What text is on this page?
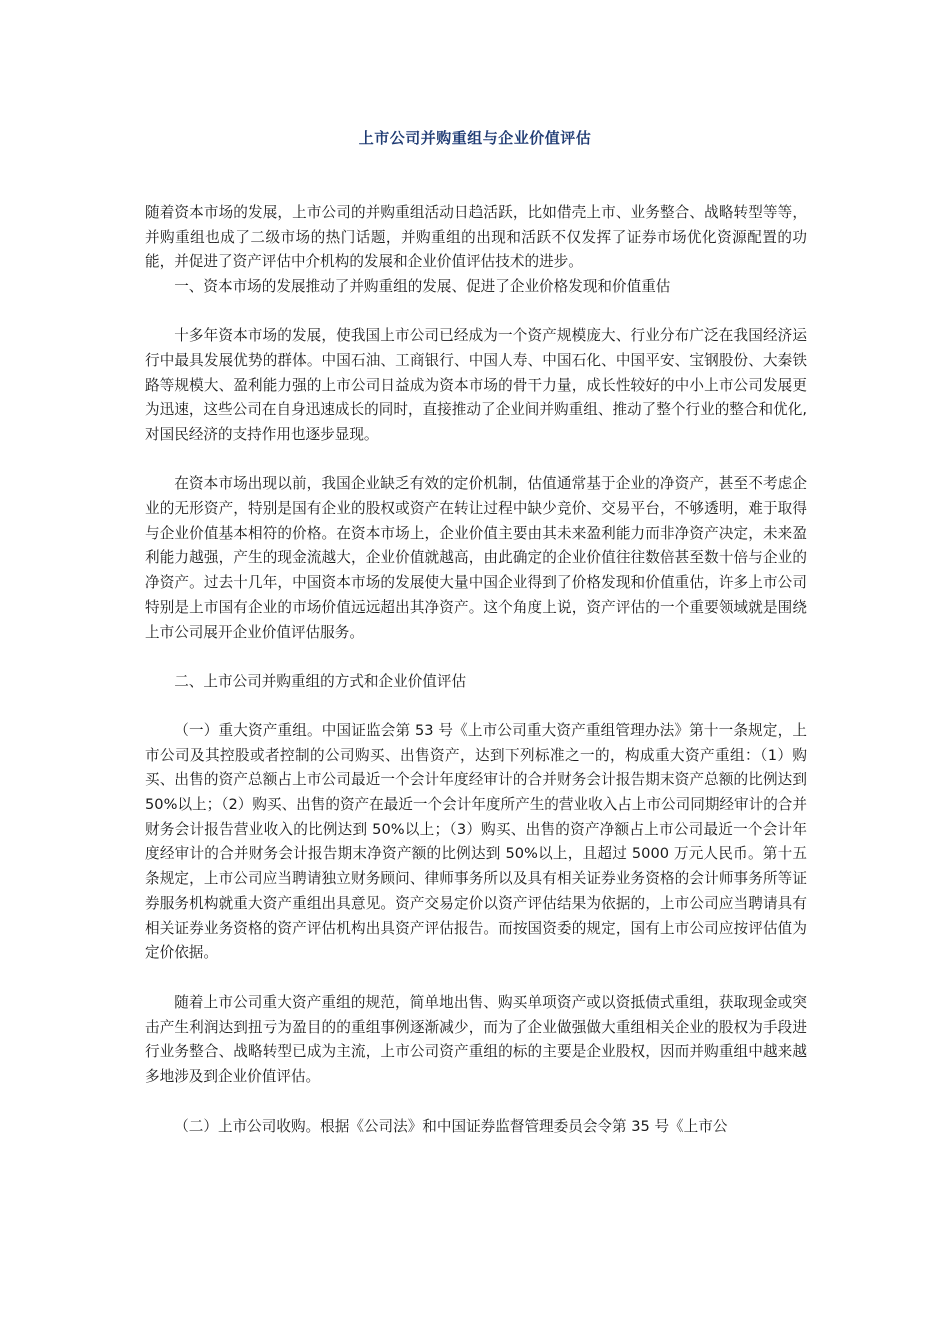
上市公司并购重组与企业价值评估

随着资本市场的发展，上市公司的并购重组活动日趋活跃，比如借壳上市、业务整合、战略转型等等，并购重组也成了二级市场的热门话题，并购重组的出现和活跃不仅发挥了证券市场优化资源配置的功能，并促进了资产评估中介机构的发展和企业价值评估技术的进步。

一、资本市场的发展推动了并购重组的发展、促进了企业价格发现和价值重估

十多年资本市场的发展，使我国上市公司已经成为一个资产规模庞大、行业分布广泛在我国经济运行中最具发展优势的群体。中国石油、工商银行、中国人寿、中国石化、中国平安、宝钢股份、大秦铁路等规模大、盈利能力强的上市公司日益成为资本市场的骨干力量，成长性较好的中小上市公司发展更为迅速，这些公司在自身迅速成长的同时，直接推动了企业间并购重组、推动了整个行业的整合和优化,对国民经济的支持作用也逐步显现。

在资本市场出现以前，我国企业缺乏有效的定价机制，估值通常基于企业的净资产，甚至不考虑企业的无形资产，特别是国有企业的股权或资产在转让过程中缺少竞价、交易平台，不够透明，难于取得与企业价值基本相符的价格。在资本市场上，企业价值主要由其未来盈利能力而非净资产决定，未来盈利能力越强，产生的现金流越大，企业价值就越高，由此确定的企业价值往往数倍甚至数十倍与企业的净资产。过去十几年，中国资本市场的发展使大量中国企业得到了价格发现和价值重估，许多上市公司特别是上市国有企业的市场价值远远超出其净资产。这个角度上说，资产评估的一个重要领域就是围绕上市公司展开企业价值评估服务。

二、上市公司并购重组的方式和企业价值评估

（一）重大资产重组。中国证监会第 53 号《上市公司重大资产重组管理办法》第十一条规定，上市公司及其控股或者控制的公司购买、出售资产，达到下列标准之一的，构成重大资产重组：（1）购买、出售的资产总额占上市公司最近一个会计年度经审计的合并财务会计报告期末资产总额的比例达到 50%以上；（2）购买、出售的资产在最近一个会计年度所产生的营业收入占上市公司同期经审计的合并财务会计报告营业收入的比例达到 50%以上；（3）购买、出售的资产净额占上市公司最近一个会计年度经审计的合并财务会计报告期末净资产额的比例达到 50%以上，且超过 5000 万元人民币。第十五条规定，上市公司应当聘请独立财务顾问、律师事务所以及具有相关证券业务资格的会计师事务所等证券服务机构就重大资产重组出具意见。资产交易定价以资产评估结果为依据的，上市公司应当聘请具有相关证券业务资格的资产评估机构出具资产评估报告。而按国资委的规定，国有上市公司应按评估值为定价依据。

随着上市公司重大资产重组的规范，简单地出售、购买单项资产或以资抵债式重组，获取现金或突击产生利润达到扭亏为盈目的的重组事例逐渐减少，而为了企业做强做大重组相关企业的股权为手段进行业务整合、战略转型已成为主流，上市公司资产重组的标的主要是企业股权，因而并购重组中越来越多地涉及到企业价值评估。

（二）上市公司收购。根据《公司法》和中国证券监督管理委员会令第 35 号《上市公
